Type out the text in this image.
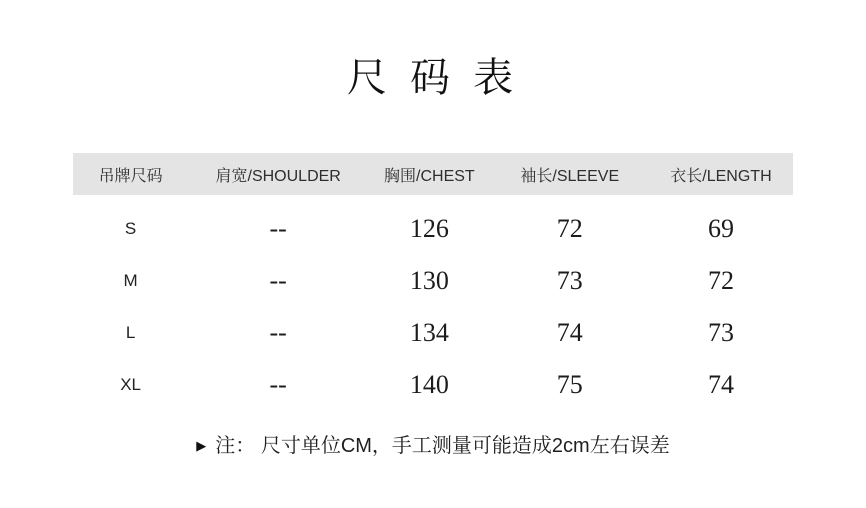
尺 码 表
吊牌尺码	肩宽/SHOULDER	胸围/CHEST	袖长/SLEEVE	衣长/LENGTH
S	--	126	72	69
M	--	130	73	72
L	--	134	74	73
XL	--	140	75	74
▶ 注： 尺寸单位CM，手工测量可能造成2cm左右误差
